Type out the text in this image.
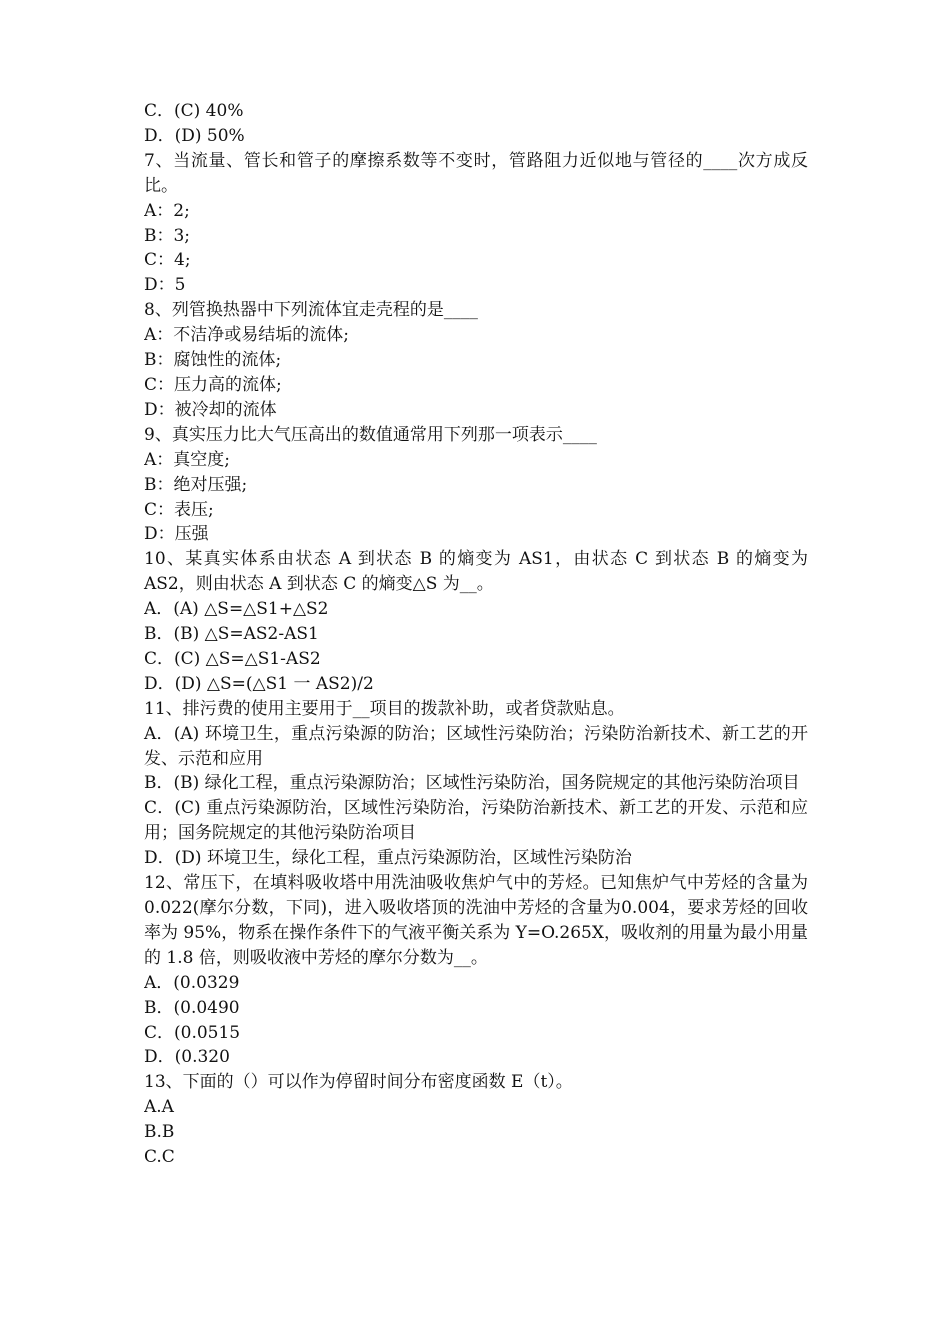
C．(C) 40%

D．(D) 50%

7、当流量、管长和管子的摩擦系数等不变时，管路阻力近似地与管径的____次方成反比。

A：2;

B：3;

C：4;

D：5

8、列管换热器中下列流体宜走壳程的是____

A：不洁净或易结垢的流体;

B：腐蚀性的流体;

C：压力高的流体;

D：被冷却的流体

9、真实压力比大气压高出的数值通常用下列那一项表示____

A：真空度;

B：绝对压强;

C：表压;

D：压强

10、某真实体系由状态 A 到状态 B 的熵变为 AS1，由状态 C 到状态 B 的熵变为 AS2，则由状态 A 到状态 C 的熵变△S 为__。

A．(A) △S=△S1+△S2

B．(B) △S=AS2-AS1

C．(C) △S=△S1-AS2

D．(D) △S=(△S1 一 AS2)/2

11、排污费的使用主要用于__项目的拨款补助，或者贷款贴息。

A．(A) 环境卫生，重点污染源的防治；区域性污染防治；污染防治新技术、新工艺的开发、示范和应用

B．(B) 绿化工程，重点污染源防治；区域性污染防治，国务院规定的其他污染防治项目

C．(C) 重点污染源防治，区域性污染防治，污染防治新技术、新工艺的开发、示范和应用；国务院规定的其他污染防治项目

D．(D) 环境卫生，绿化工程，重点污染源防治，区域性污染防治

12、常压下，在填料吸收塔中用洗油吸收焦炉气中的芳烃。已知焦炉气中芳烃的含量为 0.022(摩尔分数，下同)，进入吸收塔顶的洗油中芳烃的含量为0.004，要求芳烃的回收率为 95%，物系在操作条件下的气液平衡关系为 Y=O.265X，吸收剂的用量为最小用量的 1.8 倍，则吸收液中芳烃的摩尔分数为__。

A．(0.0329

B．(0.0490

C．(0.0515

D．(0.320

13、下面的（）可以作为停留时间分布密度函数 E（t）。

A.A

B.B

C.C
